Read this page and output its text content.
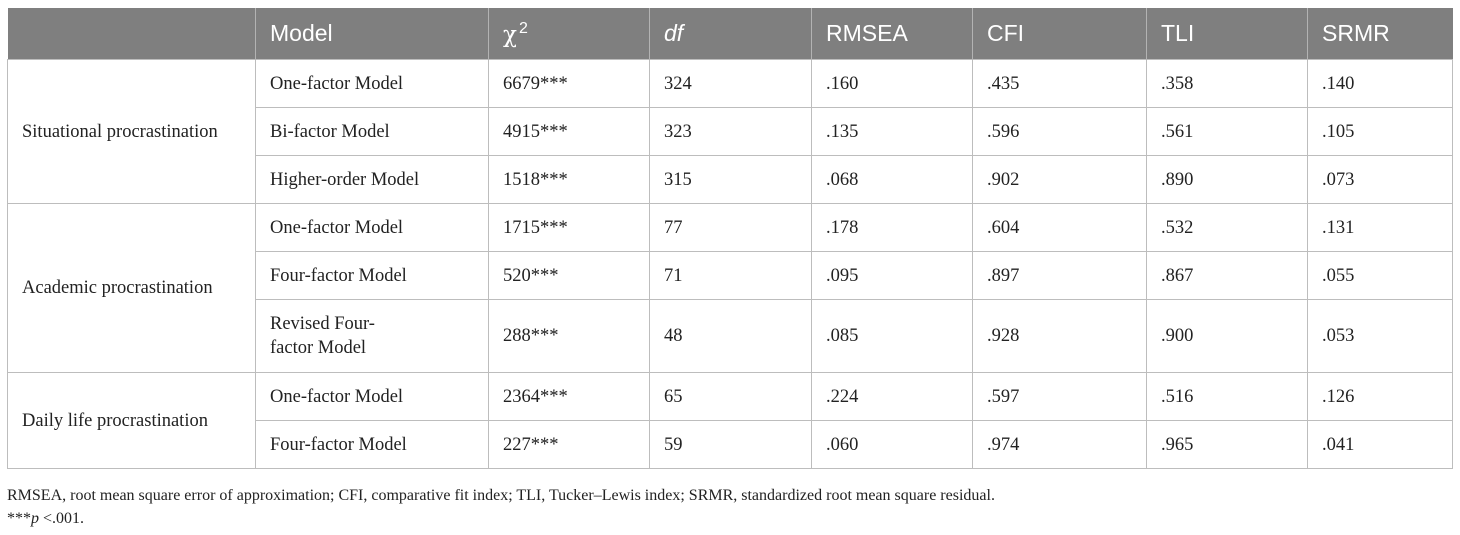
	Model	χ $^2$	df	RMSEA	CFI	TLI	SRMR
Situational procrastination	One-factor Model	6679***	324	.160	.435	.358	.140
	Bi-factor Model	4915***	323	.135	.596	.561	.105
	Higher-order Model	1518***	315	.068	.902	.890	.073
Academic procrastination	One-factor Model	1715***	77	.178	.604	.532	.131
	Four-factor Model	520***	71	.095	.897	.867	.055
	Revised Four-
factor Model	288***	48	.085	.928	.900	.053
Daily life procrastination	One-factor Model	2364***	65	.224	.597	.516	.126
	Four-factor Model	227***	59	.060	.974	.965	.041

RMSEA, root mean square error of approximation; CFI, comparative fit index; TLI, Tucker–Lewis index; SRMR, standardized root mean square residual.

***p <.001.
